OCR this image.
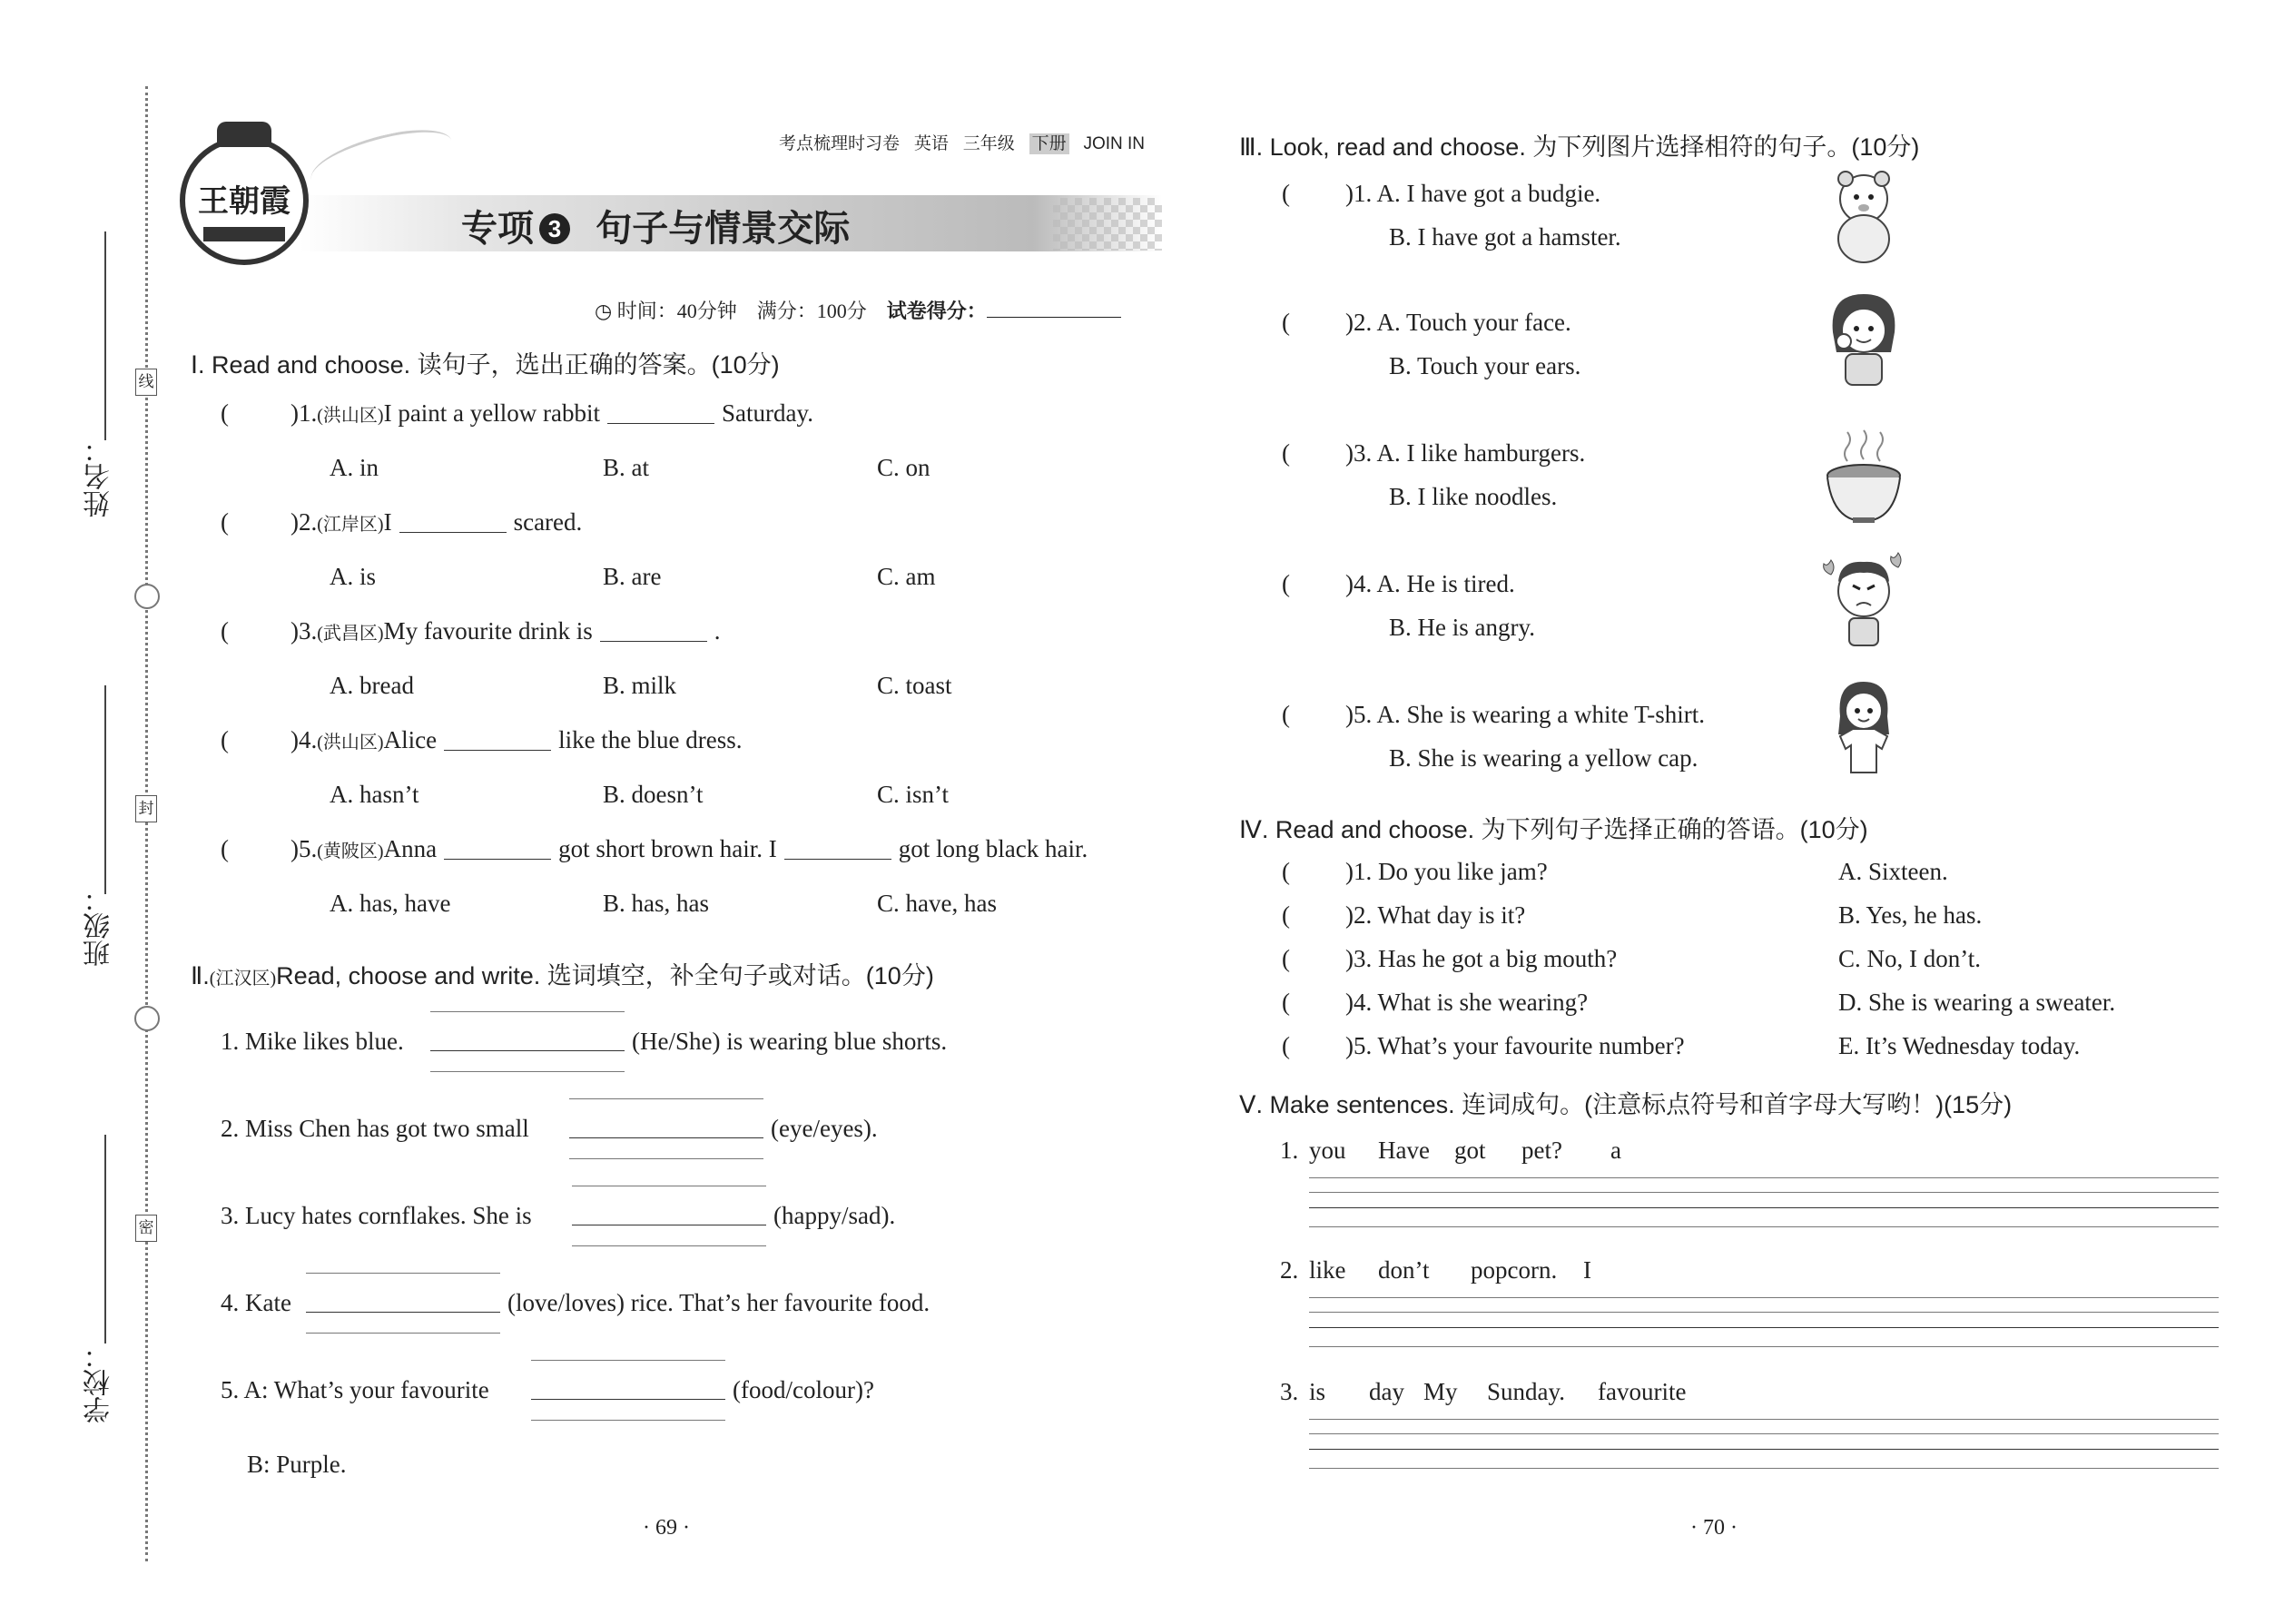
姓名：
班级：
学校：
线
封
密
王朝霞
考点梳理时习卷 英语 三年级 下册 JOIN IN
专项 3 句子与情景交际
◷ 时间：40分钟 满分：100分 试卷得分：
Ⅰ. Read and choose. 读句子，选出正确的答案。(10分)
Ⅱ.(江汉区)Read, choose and write. 选词填空，补全句子或对话。(10分)
B: Purple.
· 69 ·
Ⅲ. Look, read and choose. 为下列图片选择相符的句子。(10分)
Ⅳ. Read and choose. 为下列句子选择正确的答语。(10分)
Ⅴ. Make sentences. 连词成句。(注意标点符号和首字母大写哟！)(15分)
· 70 ·
(	)1.(洪山区)I paint a yellow rabbit	Saturday.
A. in	B. at	C. on
(	)2.(江岸区)I	scared.
A. is	B. are	C. am
(	)3.(武昌区)My favourite drink is	.
A. bread	B. milk	C. toast
(	)4.(洪山区)Alice	like the blue dress.
A. hasn’t	B. doesn’t	C. isn’t
(	)5.(黄陂区)Anna	got short brown hair. I	got long black hair.
A. has, have	B. has, has	C. have, has
1. Mike likes blue.	(He/She) is wearing blue shorts.
2. Miss Chen has got two small	(eye/eyes).
3. Lucy hates cornflakes. She is	(happy/sad).
4. Kate	(love/loves) rice. That’s her favourite food.
5. A: What’s your favourite	(food/colour)?
( )1. A. I have got a budgie.
B. I have got a hamster.
( )2. A. Touch your face.
B. Touch your ears.
( )3. A. I like hamburgers.
B. I like noodles.
( )4. A. He is tired.
B. He is angry.
( )5. A. She is wearing a white T-shirt.
B. She is wearing a yellow cap.
( )1. Do you like jam?	A. Sixteen.
( )2. What day is it?	B. Yes, he has.
( )3. Has he got a big mouth?	C. No, I don’t.
( )4. What is she wearing?	D. She is wearing a sweater.
( )5. What’s your favourite number?	E. It’s Wednesday today.
1. you Have got pet? a
2. like don’t popcorn. I
3. is day My Sunday. favourite
